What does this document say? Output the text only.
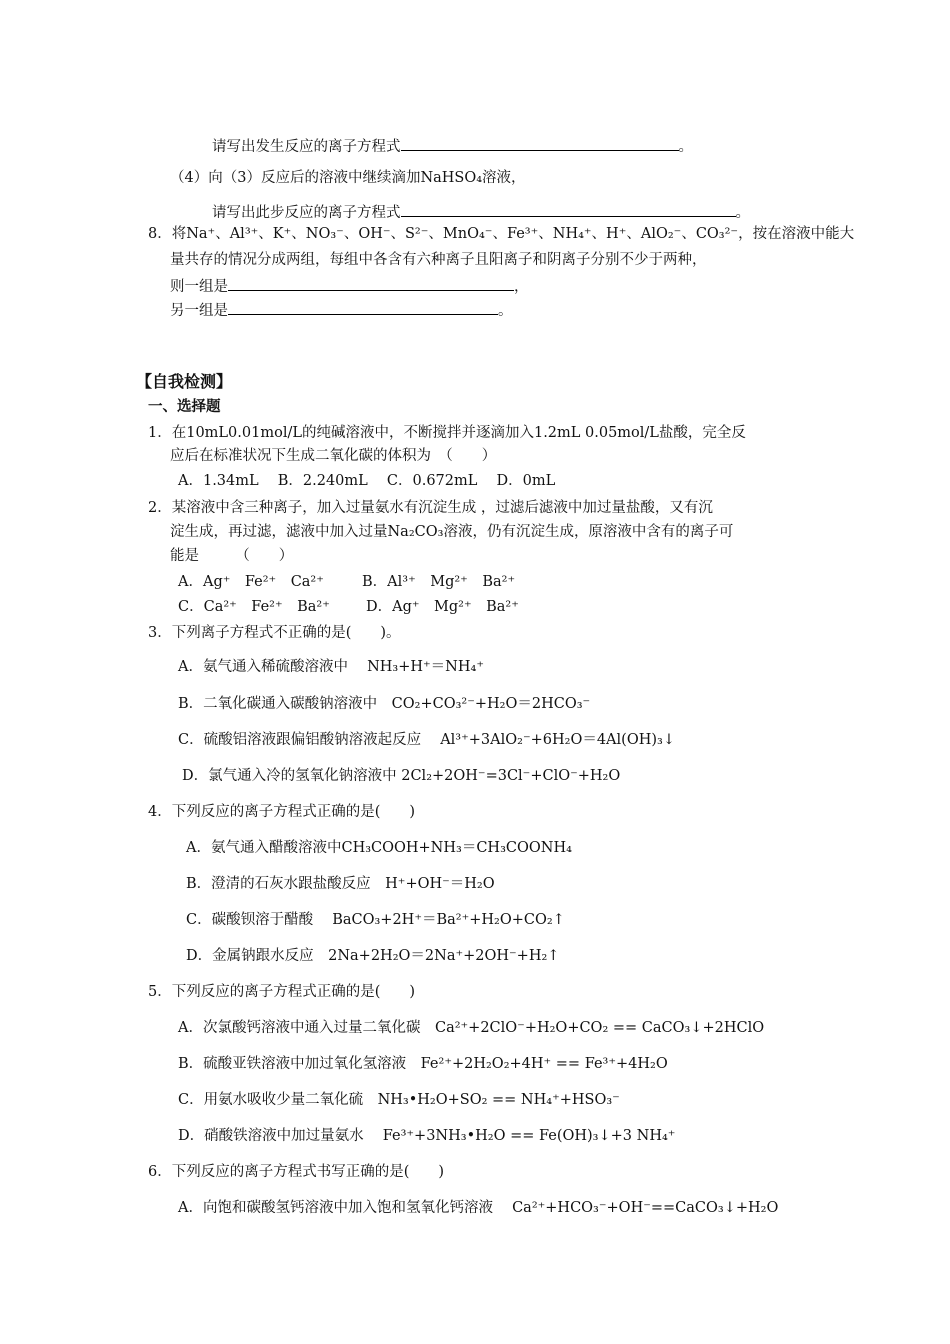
请写出发生反应的离子方程式	。
（4）向（3）反应后的溶液中继续滴加NaHSO₄溶液，
请写出此步反应的离子方程式	。
8．将Na⁺、Al³⁺、K⁺、NO₃⁻、OH⁻、S²⁻、MnO₄⁻、Fe³⁺、NH₄⁺、H⁺、AlO₂⁻、CO₃²⁻，按在溶液中能大
量共存的情况分成两组，每组中各含有六种离子且阳离子和阴离子分别不少于两种，
则一组是	，
另一组是	。
【自我检测】
一、选择题
1．在10mL0.01mol/L的纯碱溶液中，不断搅拌并逐滴加入1.2mL 0.05mol/L盐酸，完全反
应后在标准状况下生成二氧化碳的体积为　（　　）
A．1.34mL　 B．2.240mL　 C．0.672mL　 D．0mL
2．某溶液中含三种离子，加入过量氨水有沉淀生成 ，过滤后滤液中加过量盐酸，又有沉
淀生成，再过滤，滤液中加入过量Na₂CO₃溶液，仍有沉淀生成，原溶液中含有的离子可
能是　　　（　　）
A．Ag⁺　Fe²⁺　Ca²⁺	B．Al³⁺　Mg²⁺　Ba²⁺
C．Ca²⁺　Fe²⁺　Ba²⁺ D．Ag⁺　Mg²⁺　Ba²⁺
3．下列离子方程式不正确的是(　　)。
A．氨气通入稀硫酸溶液中　 NH₃+H⁺＝NH₄⁺
B．二氧化碳通入碳酸钠溶液中　CO₂+CO₃²⁻+H₂O＝2HCO₃⁻
C．硫酸铝溶液跟偏铝酸钠溶液起反应　 Al³⁺+3AlO₂⁻+6H₂O＝4Al(OH)₃↓
D．氯气通入冷的氢氧化钠溶液中 2Cl₂+2OH⁻=3Cl⁻+ClO⁻+H₂O
4．下列反应的离子方程式正确的是(　　)
A．氨气通入醋酸溶液中CH₃COOH+NH₃＝CH₃COONH₄
B．澄清的石灰水跟盐酸反应　H⁺+OH⁻＝H₂O
C．碳酸钡溶于醋酸　 BaCO₃+2H⁺＝Ba²⁺+H₂O+CO₂↑
D．金属钠跟水反应　2Na+2H₂O＝2Na⁺+2OH⁻+H₂↑
5．下列反应的离子方程式正确的是(　　)
A．次氯酸钙溶液中通入过量二氧化碳　Ca²⁺+2ClO⁻+H₂O+CO₂ == CaCO₃↓+2HClO
B．硫酸亚铁溶液中加过氧化氢溶液　Fe²⁺+2H₂O₂+4H⁺ == Fe³⁺+4H₂O
C．用氨水吸收少量二氧化硫　NH₃•H₂O+SO₂ == NH₄⁺+HSO₃⁻
D．硝酸铁溶液中加过量氨水　 Fe³⁺+3NH₃•H₂O == Fe(OH)₃↓+3 NH₄⁺
6．下列反应的离子方程式书写正确的是(　　)
A．向饱和碳酸氢钙溶液中加入饱和氢氧化钙溶液　 Ca²⁺+HCO₃⁻+OH⁻==CaCO₃↓+H₂O
